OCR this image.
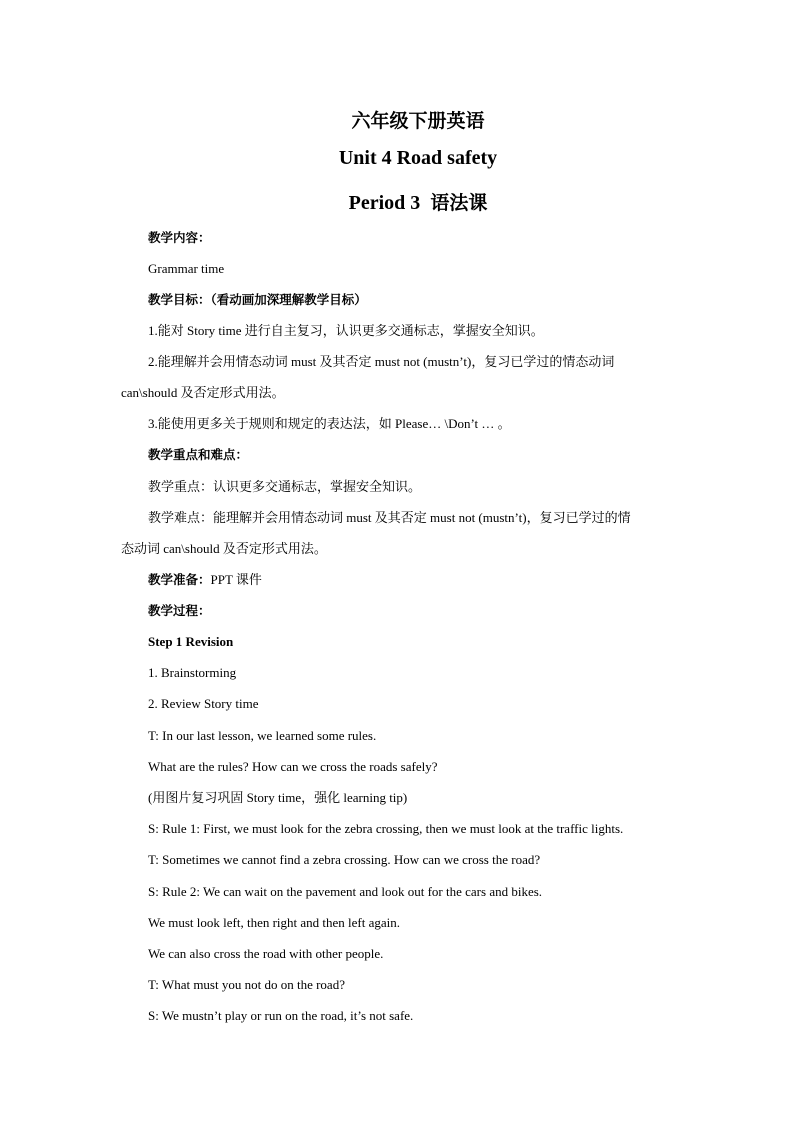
六年级下册英语
Unit 4 Road safety
Period 3 语法课
教学内容：
Grammar time
教学目标：（看动画加深理解教学目标）
1.能对 Story time 进行自主复习，认识更多交通标志，掌握安全知识。
2.能理解并会用情态动词 must 及其否定 must not (mustn’t)，复习已学过的情态动词
can\should 及否定形式用法。
3.能使用更多关于规则和规定的表达法，如 Please… \Don’t … 。
教学重点和难点：
教学重点：认识更多交通标志，掌握安全知识。
教学难点：能理解并会用情态动词 must 及其否定 must not (mustn’t)，复习已学过的情
态动词 can\should 及否定形式用法。
教学准备：PPT 课件
教学过程：
Step 1 Revision
1. Brainstorming
2. Review Story time
T: In our last lesson, we learned some rules.
What are the rules? How can we cross the roads safely?
(用图片复习巩固 Story time，强化 learning tip)
S: Rule 1: First, we must look for the zebra crossing, then we must look at the traffic lights.
T: Sometimes we cannot find a zebra crossing. How can we cross the road?
S: Rule 2: We can wait on the pavement and look out for the cars and bikes.
We must look left, then right and then left again.
We can also cross the road with other people.
T: What must you not do on the road?
S: We mustn’t play or run on the road, it’s not safe.
